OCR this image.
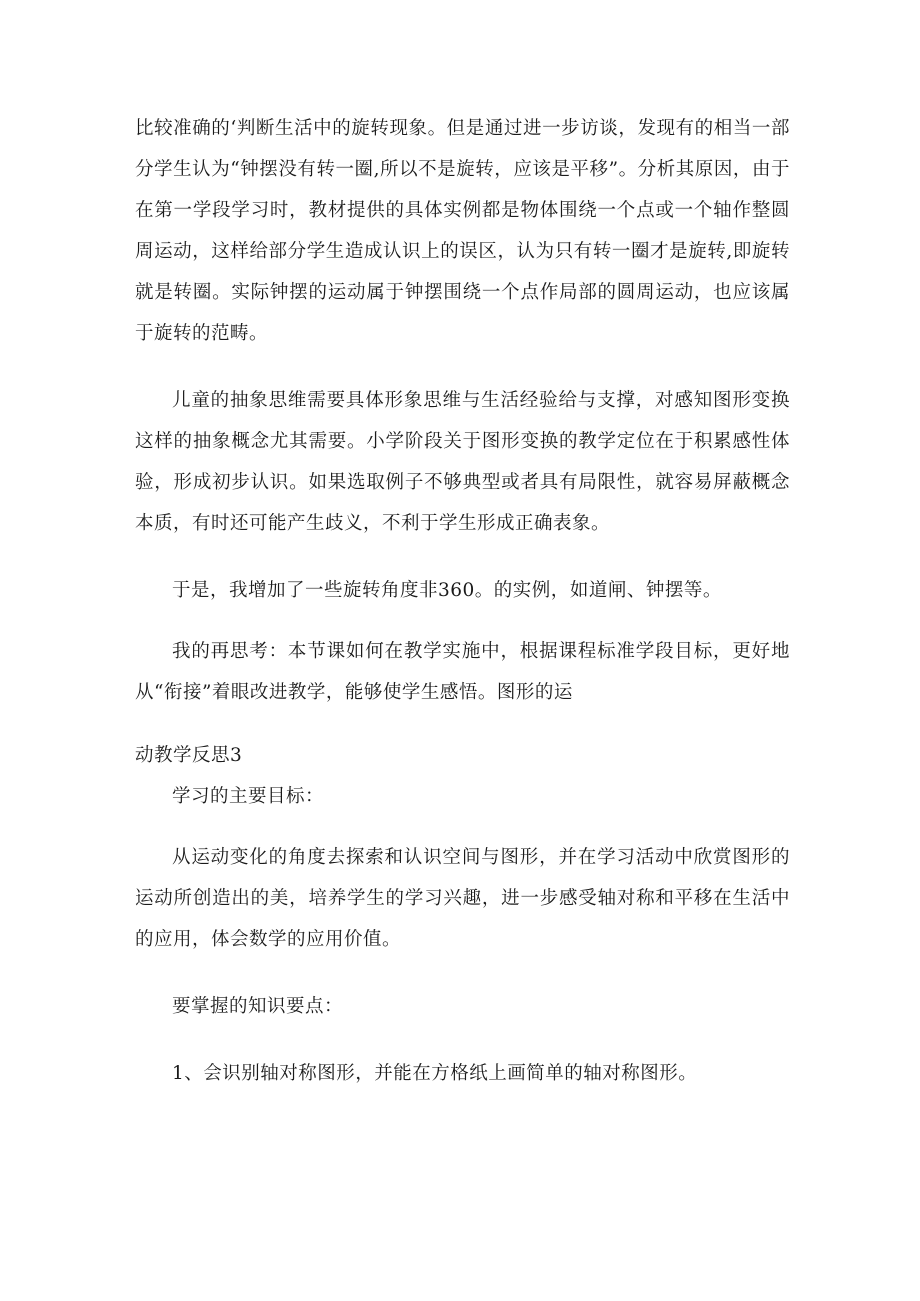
比较准确的‘判断生活中的旋转现象。但是通过进一步访谈，发现有的相当一部分学生认为“钟摆没有转一圈,所以不是旋转，应该是平移”。分析其原因，由于在第一学段学习时，教材提供的具体实例都是物体围绕一个点或一个轴作整圆周运动，这样给部分学生造成认识上的误区，认为只有转一圈才是旋转,即旋转就是转圈。实际钟摆的运动属于钟摆围绕一个点作局部的圆周运动，也应该属于旋转的范畴。

儿童的抽象思维需要具体形象思维与生活经验给与支撑，对感知图形变换这样的抽象概念尤其需要。小学阶段关于图形变换的教学定位在于积累感性体验，形成初步认识。如果选取例子不够典型或者具有局限性，就容易屏蔽概念本质，有时还可能产生歧义，不利于学生形成正确表象。

于是，我增加了一些旋转角度非360。的实例，如道闸、钟摆等。

我的再思考：本节课如何在教学实施中，根据课程标准学段目标，更好地从“衔接”着眼改进教学，能够使学生感悟。图形的运

动教学反思3

学习的主要目标：

从运动变化的角度去探索和认识空间与图形，并在学习活动中欣赏图形的运动所创造出的美，培养学生的学习兴趣，进一步感受轴对称和平移在生活中的应用，体会数学的应用价值。

要掌握的知识要点：

1、会识别轴对称图形，并能在方格纸上画简单的轴对称图形。
